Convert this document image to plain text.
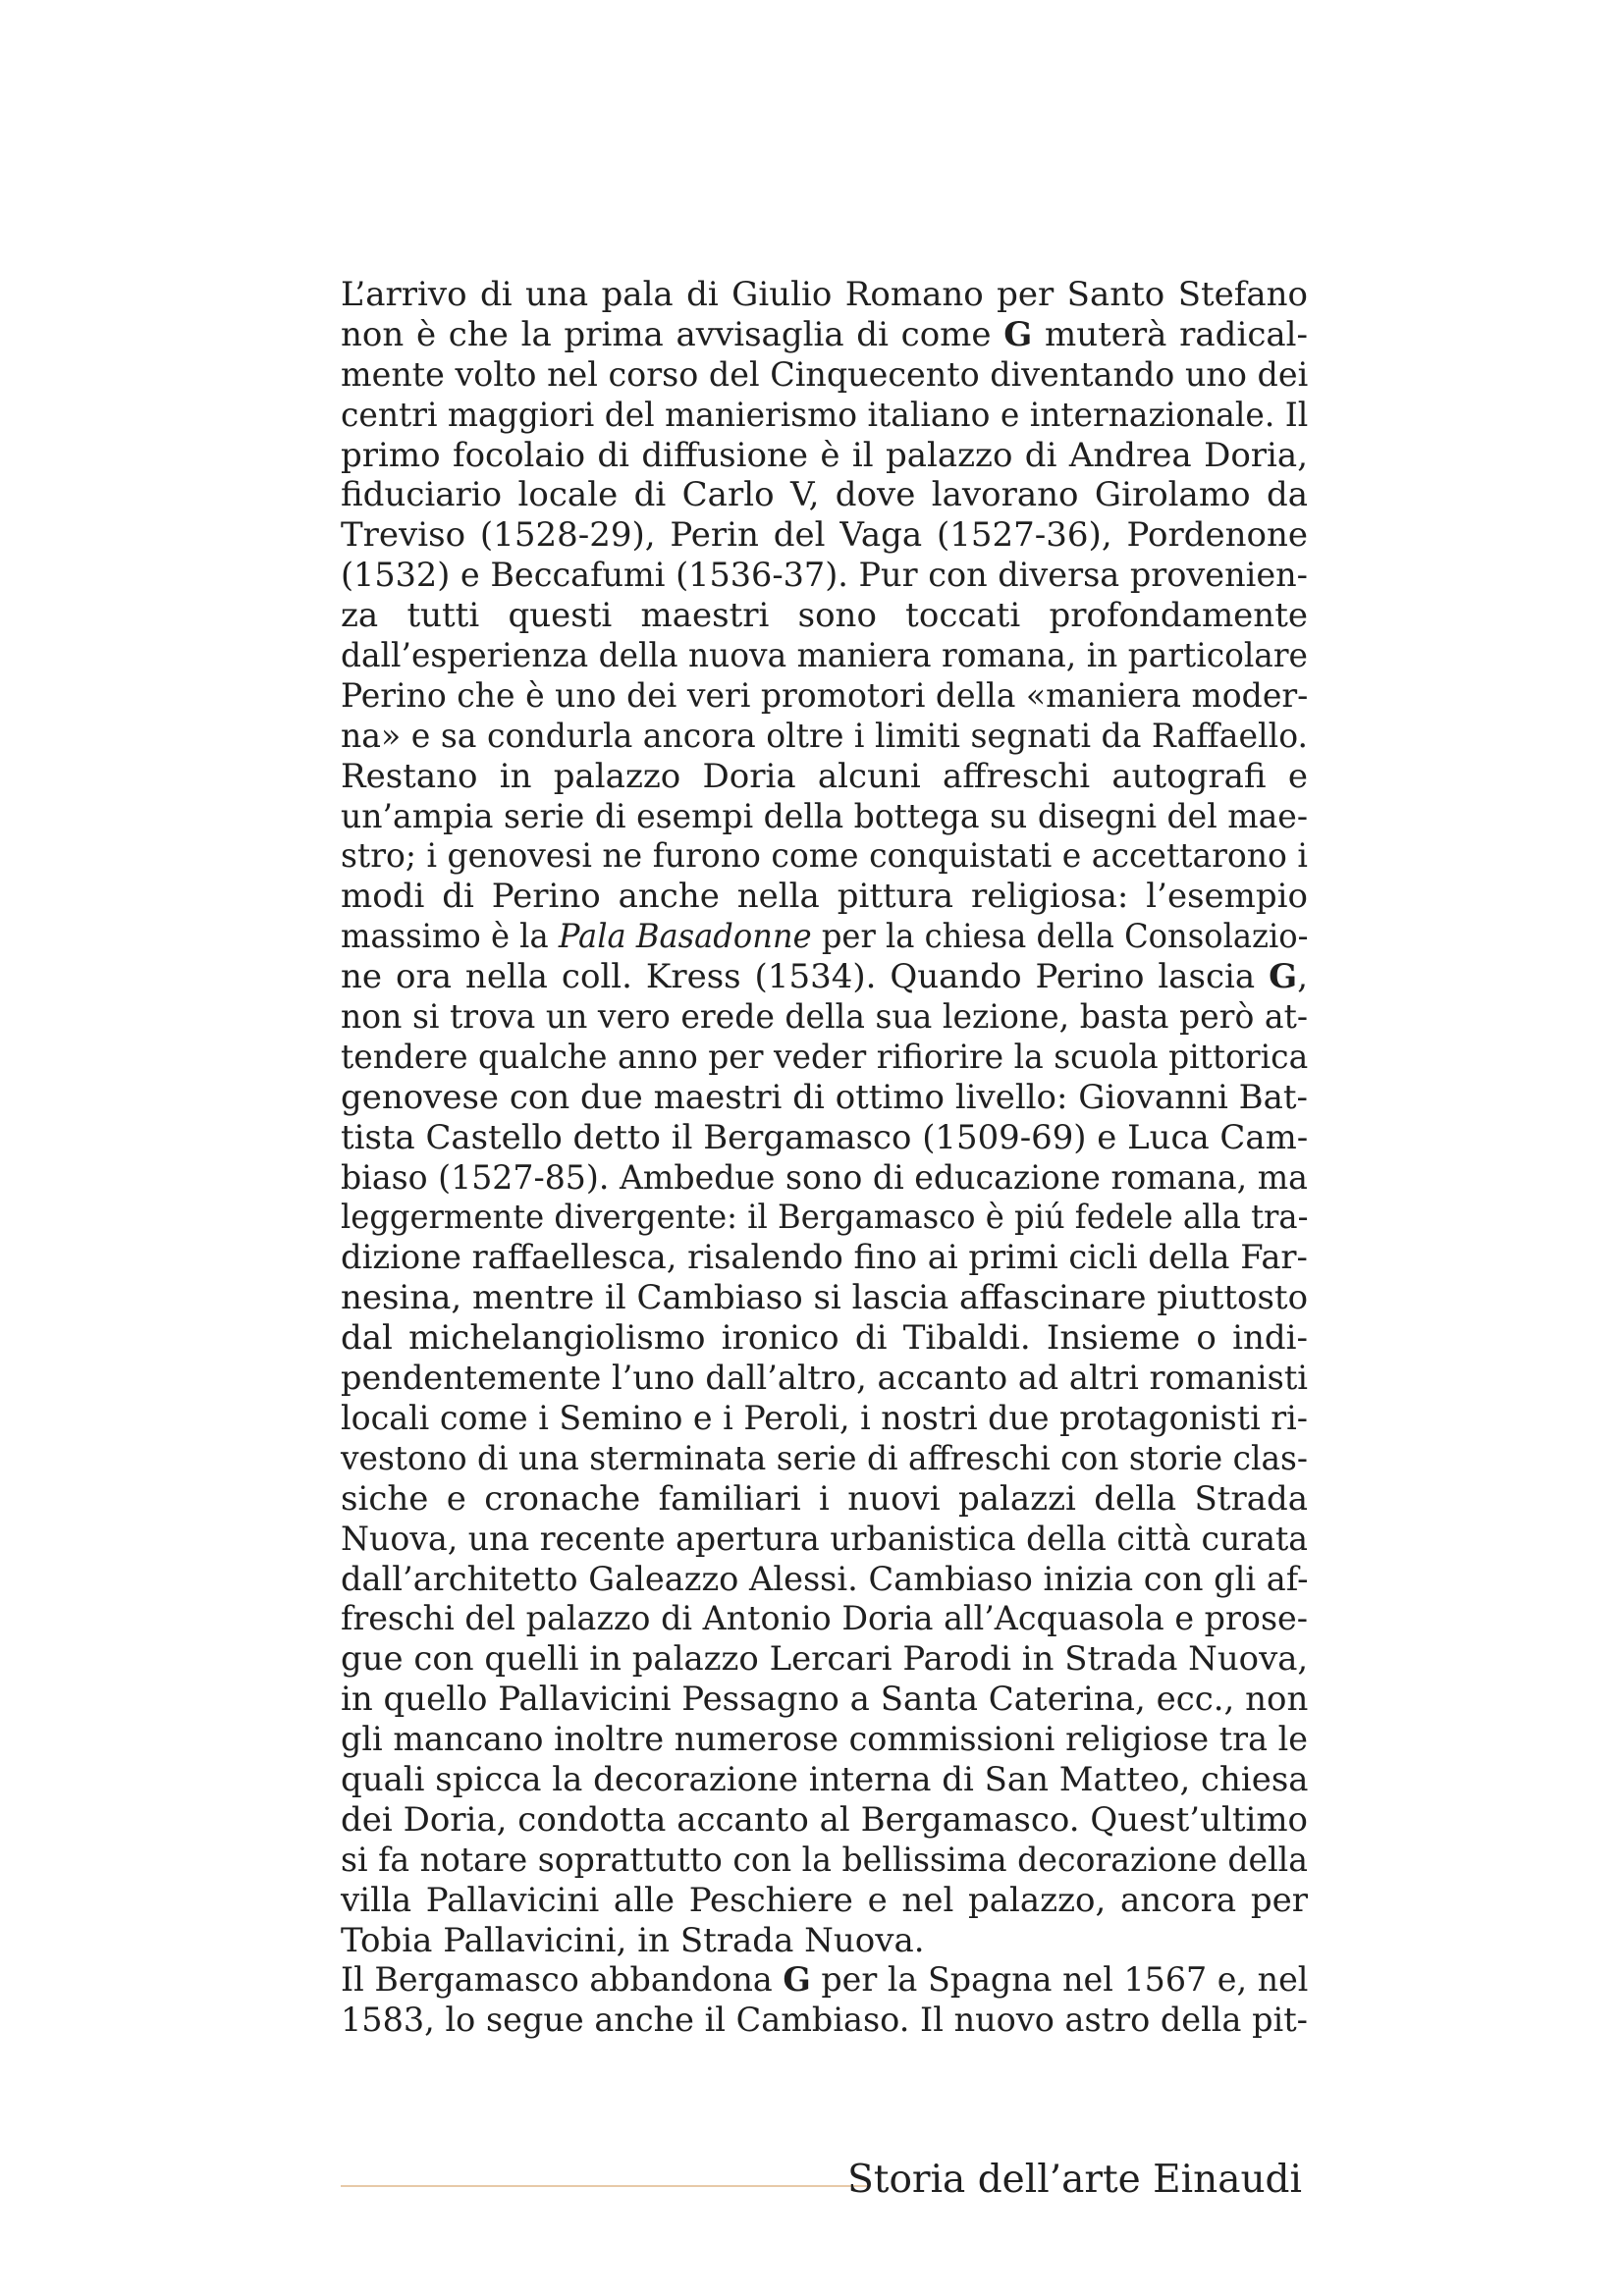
L’arrivo di una pala di Giulio Romano per Santo Stefano
non è che la prima avvisaglia di come G muterà radical-
mente volto nel corso del Cinquecento diventando uno dei
centri maggiori del manierismo italiano e internazionale. Il
primo focolaio di diffusione è il palazzo di Andrea Doria,
fiduciario locale di Carlo V, dove lavorano Girolamo da
Treviso (1528-29), Perin del Vaga (1527-36), Pordenone
(1532) e Beccafumi (1536-37). Pur con diversa provenien-
za tutti questi maestri sono toccati profondamente
dall’esperienza della nuova maniera romana, in particolare
Perino che è uno dei veri promotori della «maniera moder-
na» e sa condurla ancora oltre i limiti segnati da Raffaello.
Restano in palazzo Doria alcuni affreschi autografi e
un’ampia serie di esempi della bottega su disegni del mae-
stro; i genovesi ne furono come conquistati e accettarono i
modi di Perino anche nella pittura religiosa: l’esempio
massimo è la Pala Basadonne per la chiesa della Consolazio-
ne ora nella coll. Kress (1534). Quando Perino lascia G,
non si trova un vero erede della sua lezione, basta però at-
tendere qualche anno per veder rifiorire la scuola pittorica
genovese con due maestri di ottimo livello: Giovanni Bat-
tista Castello detto il Bergamasco (1509-69) e Luca Cam-
biaso (1527-85). Ambedue sono di educazione romana, ma
leggermente divergente: il Bergamasco è piú fedele alla tra-
dizione raffaellesca, risalendo fino ai primi cicli della Far-
nesina, mentre il Cambiaso si lascia affascinare piuttosto
dal michelangiolismo ironico di Tibaldi. Insieme o indi-
pendentemente l’uno dall’altro, accanto ad altri romanisti
locali come i Semino e i Peroli, i nostri due protagonisti ri-
vestono di una sterminata serie di affreschi con storie clas-
siche e cronache familiari i nuovi palazzi della Strada
Nuova, una recente apertura urbanistica della città curata
dall’architetto Galeazzo Alessi. Cambiaso inizia con gli af-
freschi del palazzo di Antonio Doria all’Acquasola e prose-
gue con quelli in palazzo Lercari Parodi in Strada Nuova,
in quello Pallavicini Pessagno a Santa Caterina, ecc., non
gli mancano inoltre numerose commissioni religiose tra le
quali spicca la decorazione interna di San Matteo, chiesa
dei Doria, condotta accanto al Bergamasco. Quest’ultimo
si fa notare soprattutto con la bellissima decorazione della
villa Pallavicini alle Peschiere e nel palazzo, ancora per
Tobia Pallavicini, in Strada Nuova.
Il Bergamasco abbandona G per la Spagna nel 1567 e, nel
1583, lo segue anche il Cambiaso. Il nuovo astro della pit-
Storia dell’arte Einaudi
